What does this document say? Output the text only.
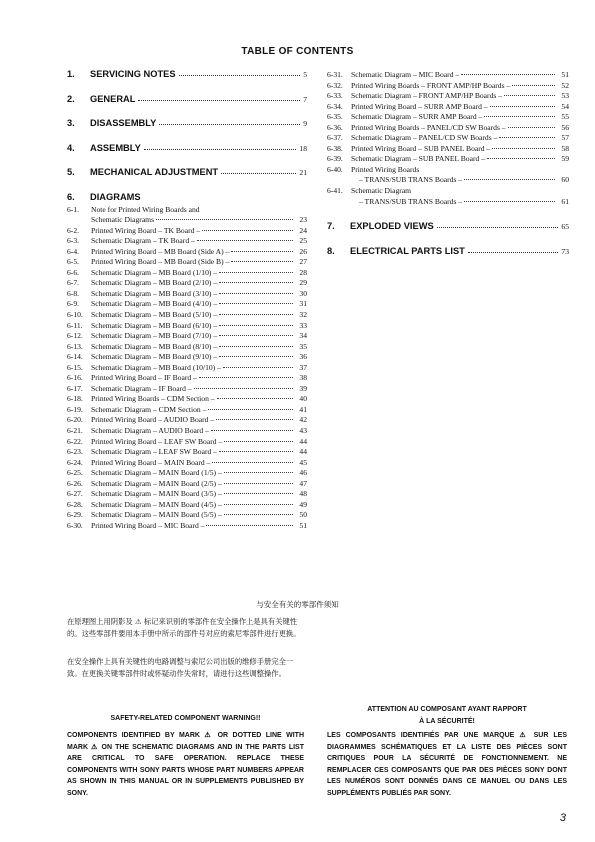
TABLE OF CONTENTS
1.	SERVICING NOTES	5
2.	GENERAL	7
3.	DISASSEMBLY	9
4.	ASSEMBLY	18
5.	MECHANICAL ADJUSTMENT	21
6.	DIAGRAMS
6-1.	Note for Printed Wiring Boards and
Schematic Diagrams	23
6-2.	Printed Wiring Board – TK Board –	24
6-3.	Schematic Diagram – TK Board –	25
6-4.	Printed Wiring Board – MB Board (Side A) –	26
6-5.	Printed Wiring Board – MB Board (Side B) –	27
6-6.	Schematic Diagram – MB Board (1/10) –	28
6-7.	Schematic Diagram – MB Board (2/10) –	29
6-8.	Schematic Diagram – MB Board (3/10) –	30
6-9.	Schematic Diagram – MB Board (4/10) –	31
6-10.	Schematic Diagram – MB Board (5/10) –	32
6-11.	Schematic Diagram – MB Board (6/10) –	33
6-12.	Schematic Diagram – MB Board (7/10) –	34
6-13.	Schematic Diagram – MB Board (8/10) –	35
6-14.	Schematic Diagram – MB Board (9/10) –	36
6-15.	Schematic Diagram – MB Board (10/10) –	37
6-16.	Printed Wiring Board – IF Board –	38
6-17.	Schematic Diagram – IF Board –	39
6-18.	Printed Wiring Boards – CDM Section –	40
6-19.	Schematic Diagram – CDM Section –	41
6-20.	Printed Wiring Board – AUDIO Board –	42
6-21.	Schematic Diagram – AUDIO Board –	43
6-22.	Printed Wiring Board – LEAF SW Board –	44
6-23.	Schematic Diagram – LEAF SW Board –	44
6-24.	Printed Wiring Board – MAIN Board –	45
6-25.	Schematic Diagram – MAIN Board (1/5) –	46
6-26.	Schematic Diagram – MAIN Board (2/5) –	47
6-27.	Schematic Diagram – MAIN Board (3/5) –	48
6-28.	Schematic Diagram – MAIN Board (4/5) –	49
6-29.	Schematic Diagram – MAIN Board (5/5) –	50
6-30.	Printed Wiring Board – MIC Board –	51
6-31.	Schematic Diagram – MIC Board –	51
6-32.	Printed Wiring Boards – FRONT AMP/HP Boards –	52
6-33.	Schematic Diagram – FRONT AMP/HP Boards –	53
6-34.	Printed Wiring Board – SURR AMP Board –	54
6-35.	Schematic Diagram – SURR AMP Board –	55
6-36.	Printed Wiring Boards – PANEL/CD SW Boards –	56
6-37.	Schematic Diagram – PANEL/CD SW Boards –	57
6-38.	Printed Wiring Board – SUB PANEL Board –	58
6-39.	Schematic Diagram – SUB PANEL Board –	59
6-40.	Printed Wiring Boards
– TRANS/SUB TRANS Boards –	60
6-41.	Schematic Diagram
– TRANS/SUB TRANS Boards –	61
7.	EXPLODED VIEWS	65
8.	ELECTRICAL PARTS LIST	73
与安全有关的零部件须知
在原理图上用阴影及 ⚠ 标记来识别的零部件在安全操作上是具有关键性的。这些零部件要用本手册中所示的部件号对应的索尼零部件进行更换。
在安全操作上具有关键性的电路调整与索尼公司出版的维修手册完全一致。在更换关键零部件时或怀疑动作失常时，请进行这些调整操作。
SAFETY-RELATED COMPONENT WARNING!!
COMPONENTS IDENTIFIED BY MARK ⚠ OR DOTTED LINE WITH MARK ⚠ ON THE SCHEMATIC DIAGRAMS AND IN THE PARTS LIST ARE CRITICAL TO SAFE OPERATION. REPLACE THESE COMPONENTS WITH SONY PARTS WHOSE PART NUMBERS APPEAR AS SHOWN IN THIS MANUAL OR IN SUPPLEMENTS PUBLISHED BY SONY.
ATTENTION AU COMPOSANT AYANT RAPPORT
À LA SÉCURITÉ!
LES COMPOSANTS IDENTIFIÉS PAR UNE MARQUE ⚠ SUR LES DIAGRAMMES SCHÉMATIQUES ET LA LISTE DES PIÈCES SONT CRITIQUES POUR LA SÉCURITÉ DE FONCTIONNEMENT. NE REMPLACER CES COMPOSANTS QUE PAR DES PIÈCES SONY DONT LES NUMÉROS SONT DONNÉS DANS CE MANUEL OU DANS LES SUPPLÉMENTS PUBLIÉS PAR SONY.
3
